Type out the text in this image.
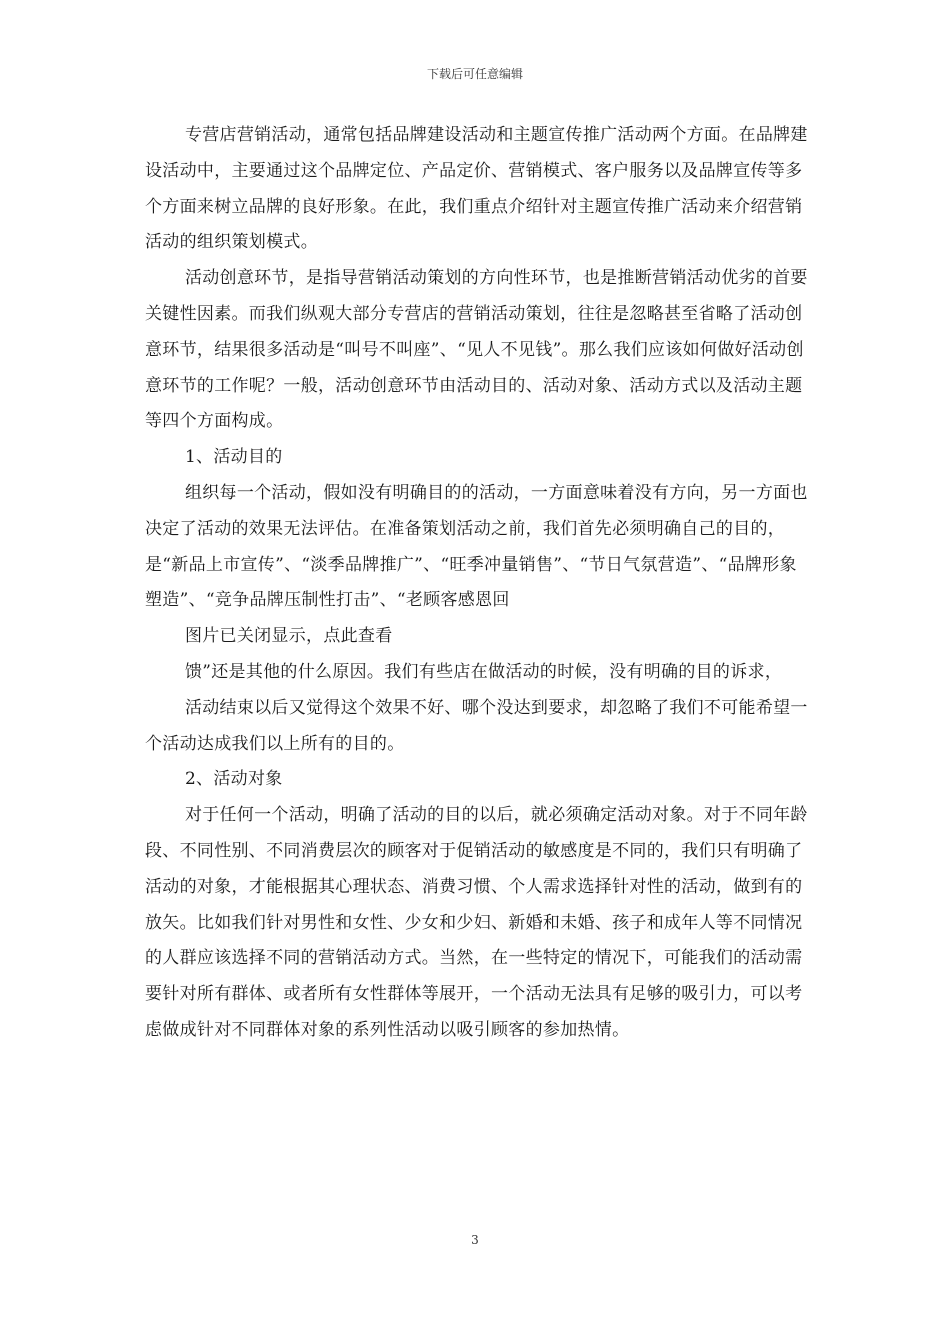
下载后可任意编辑

专营店营销活动，通常包括品牌建设活动和主题宣传推广活动两个方面。在品牌建设活动中，主要通过这个品牌定位、产品定价、营销模式、客户服务以及品牌宣传等多个方面来树立品牌的良好形象。在此，我们重点介绍针对主题宣传推广活动来介绍营销活动的组织策划模式。

活动创意环节，是指导营销活动策划的方向性环节，也是推断营销活动优劣的首要关键性因素。而我们纵观大部分专营店的营销活动策划，往往是忽略甚至省略了活动创意环节，结果很多活动是“叫号不叫座”、“见人不见钱”。那么我们应该如何做好活动创意环节的工作呢？一般，活动创意环节由活动目的、活动对象、活动方式以及活动主题等四个方面构成。

1、活动目的

组织每一个活动，假如没有明确目的的活动，一方面意味着没有方向，另一方面也决定了活动的效果无法评估。在准备策划活动之前，我们首先必须明确自己的目的，是“新品上市宣传”、“淡季品牌推广”、“旺季冲量销售”、“节日气氛营造”、“品牌形象塑造”、“竞争品牌压制性打击”、“老顾客感恩回

图片已关闭显示，点此查看

馈”还是其他的什么原因。我们有些店在做活动的时候，没有明确的目的诉求，

活动结束以后又觉得这个效果不好、哪个没达到要求，却忽略了我们不可能希望一个活动达成我们以上所有的目的。

2、活动对象

对于任何一个活动，明确了活动的目的以后，就必须确定活动对象。对于不同年龄段、不同性别、不同消费层次的顾客对于促销活动的敏感度是不同的，我们只有明确了活动的对象，才能根据其心理状态、消费习惯、个人需求选择针对性的活动，做到有的放矢。比如我们针对男性和女性、少女和少妇、新婚和未婚、孩子和成年人等不同情况的人群应该选择不同的营销活动方式。当然，在一些特定的情况下，可能我们的活动需要针对所有群体、或者所有女性群体等展开，一个活动无法具有足够的吸引力，可以考虑做成针对不同群体对象的系列性活动以吸引顾客的参加热情。

3
